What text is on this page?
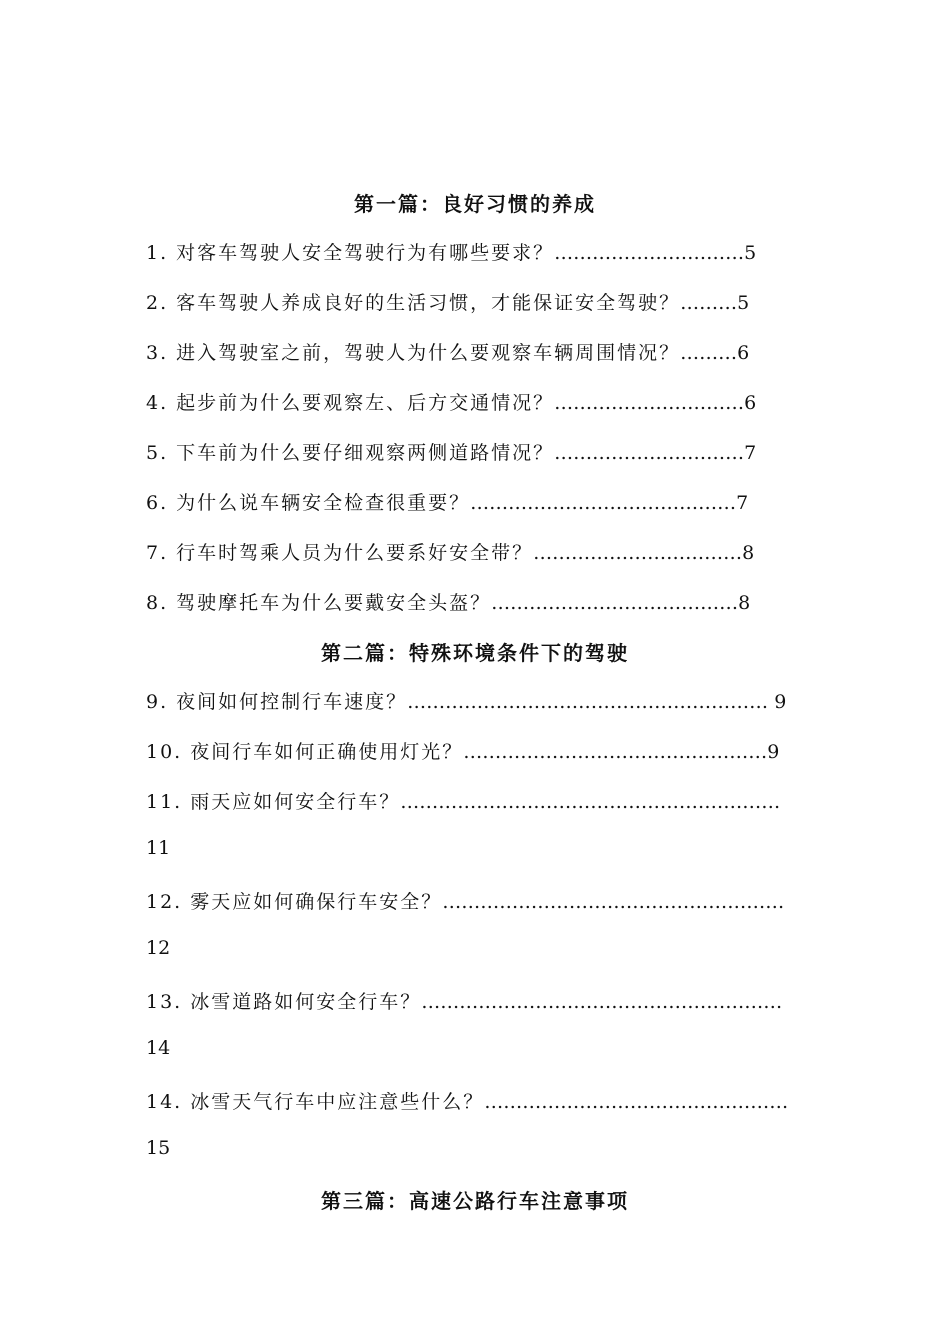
第一篇：良好习惯的养成
1. 对客车驾驶人安全驾驶行为有哪些要求？…………………………5
2. 客车驾驶人养成良好的生活习惯，才能保证安全驾驶？………5
3. 进入驾驶室之前，驾驶人为什么要观察车辆周围情况？………6
4. 起步前为什么要观察左、后方交通情况？…………………………6
5. 下车前为什么要仔细观察两侧道路情况？…………………………7
6. 为什么说车辆安全检查很重要？……………………………………7
7. 行车时驾乘人员为什么要系好安全带？……………………………8
8. 驾驶摩托车为什么要戴安全头盔？…………………………………8
第二篇：特殊环境条件下的驾驶
9. 夜间如何控制行车速度？………………………………………………… 9
10. 夜间行车如何正确使用灯光？…………………………………………9
11. 雨天应如何安全行车？……………………………………………………
11
12. 雾天应如何确保行车安全？………………………………………………
12
13. 冰雪道路如何安全行车？…………………………………………………
14
14. 冰雪天气行车中应注意些什么？…………………………………………
15
第三篇：高速公路行车注意事项
